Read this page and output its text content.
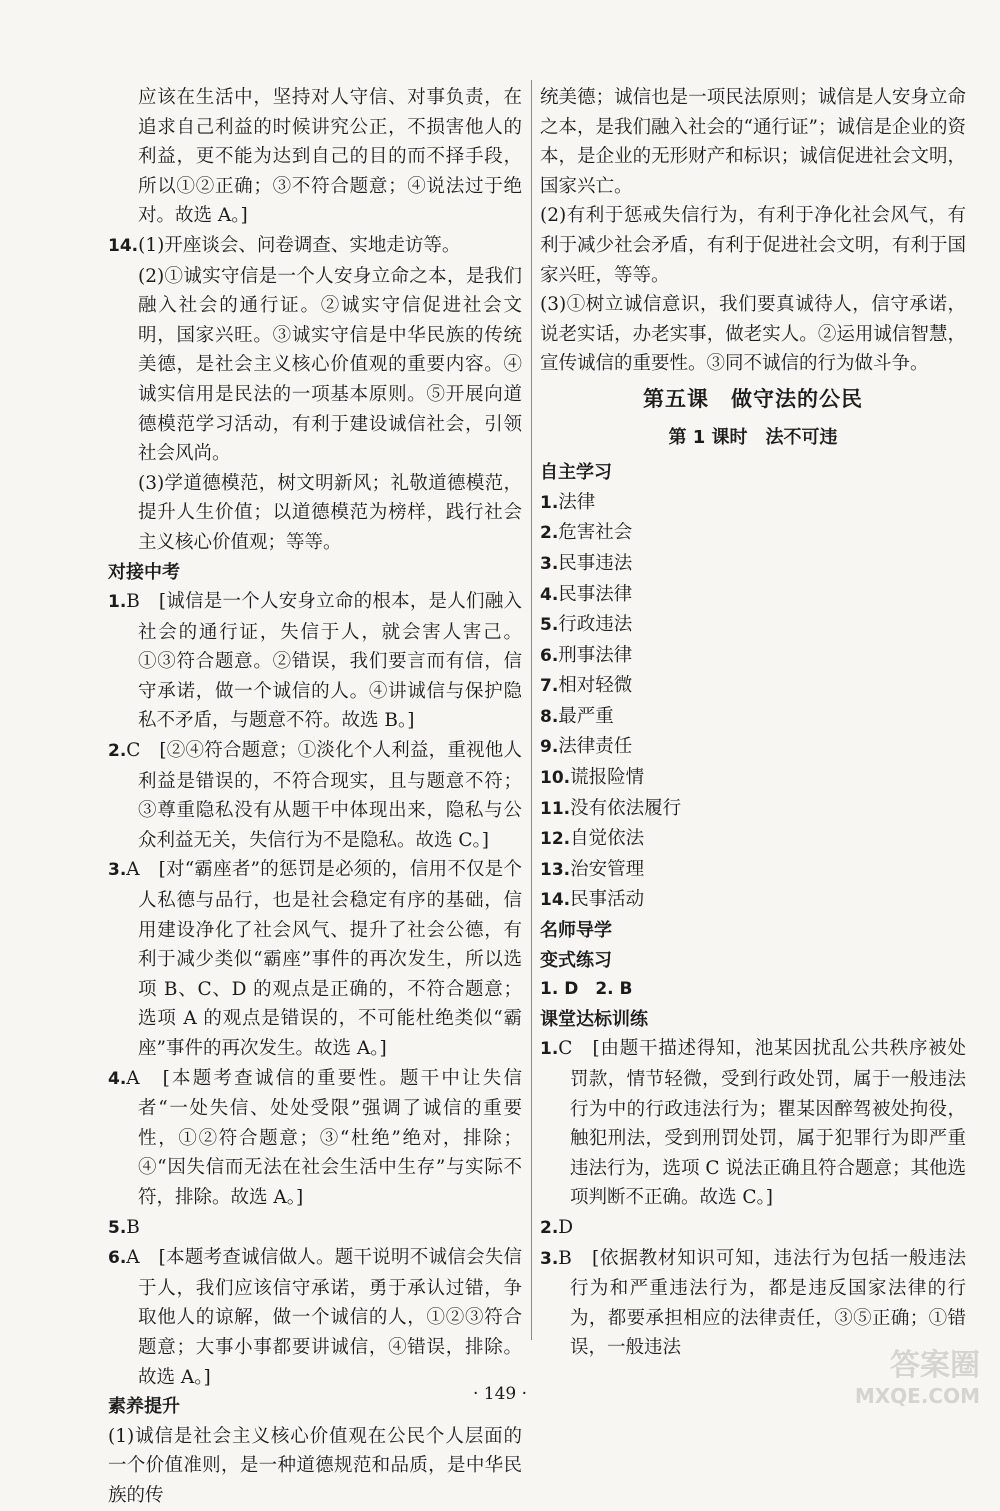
应该在生活中，坚持对人守信、对事负责，在追求自己利益的时候讲究公正，不损害他人的利益，更不能为达到自己的目的而不择手段，所以①②正确；③不符合题意；④说法过于绝对。故选 A。]

14.(1)开座谈会、问卷调查、实地走访等。

(2)①诚实守信是一个人安身立命之本，是我们融入社会的通行证。②诚实守信促进社会文明，国家兴旺。③诚实守信是中华民族的传统美德，是社会主义核心价值观的重要内容。④诚实信用是民法的一项基本原则。⑤开展向道德模范学习活动，有利于建设诚信社会，引领社会风尚。

(3)学道德模范，树文明新风；礼敬道德模范，提升人生价值；以道德模范为榜样，践行社会主义核心价值观；等等。

对接中考

1.B　[诚信是一个人安身立命的根本，是人们融入社会的通行证，失信于人，就会害人害己。①③符合题意。②错误，我们要言而有信，信守承诺，做一个诚信的人。④讲诚信与保护隐私不矛盾，与题意不符。故选 B。]

2.C　[②④符合题意；①淡化个人利益，重视他人利益是错误的，不符合现实，且与题意不符；③尊重隐私没有从题干中体现出来，隐私与公众利益无关，失信行为不是隐私。故选 C。]

3.A　[对“霸座者”的惩罚是必须的，信用不仅是个人私德与品行，也是社会稳定有序的基础，信用建设净化了社会风气、提升了社会公德，有利于减少类似“霸座”事件的再次发生，所以选项 B、C、D 的观点是正确的，不符合题意；选项 A 的观点是错误的，不可能杜绝类似“霸座”事件的再次发生。故选 A。]

4.A　[本题考查诚信的重要性。题干中让失信者“一处失信、处处受限”强调了诚信的重要性，①②符合题意；③“杜绝”绝对，排除；④“因失信而无法在社会生活中生存”与实际不符，排除。故选 A。]

5.B

6.A　[本题考查诚信做人。题干说明不诚信会失信于人，我们应该信守承诺，勇于承认过错，争取他人的谅解，做一个诚信的人，①②③符合题意；大事小事都要讲诚信，④错误，排除。故选 A。]

素养提升

(1)诚信是社会主义核心价值观在公民个人层面的一个价值准则，是一种道德规范和品质，是中华民族的传

统美德；诚信也是一项民法原则；诚信是人安身立命之本，是我们融入社会的“通行证”；诚信是企业的资本，是企业的无形财产和标识；诚信促进社会文明，国家兴亡。

(2)有利于惩戒失信行为，有利于净化社会风气，有利于减少社会矛盾，有利于促进社会文明，有利于国家兴旺，等等。

(3)①树立诚信意识，我们要真诚待人，信守承诺，说老实话，办老实事，做老实人。②运用诚信智慧，宣传诚信的重要性。③同不诚信的行为做斗争。

第五课　做守法的公民

第 1 课时　法不可违

自主学习

1.法律

2.危害社会

3.民事违法

4.民事法律

5.行政违法

6.刑事法律

7.相对轻微

8.最严重

9.法律责任

10.谎报险情

11.没有依法履行

12.自觉依法

13.治安管理

14.民事活动

名师导学

变式练习

1. D　2. B

课堂达标训练

1.C　[由题干描述得知，池某因扰乱公共秩序被处罚款，情节轻微，受到行政处罚，属于一般违法行为中的行政违法行为；瞿某因醉驾被处拘役，触犯刑法，受到刑罚处罚，属于犯罪行为即严重违法行为，选项 C 说法正确且符合题意；其他选项判断不正确。故选 C。]

2.D

3.B　[依据教材知识可知，违法行为包括一般违法行为和严重违法行为，都是违反国家法律的行为，都要承担相应的法律责任，③⑤正确；①错误，一般违法

· 149 ·
答案圈
MXQE.COM
